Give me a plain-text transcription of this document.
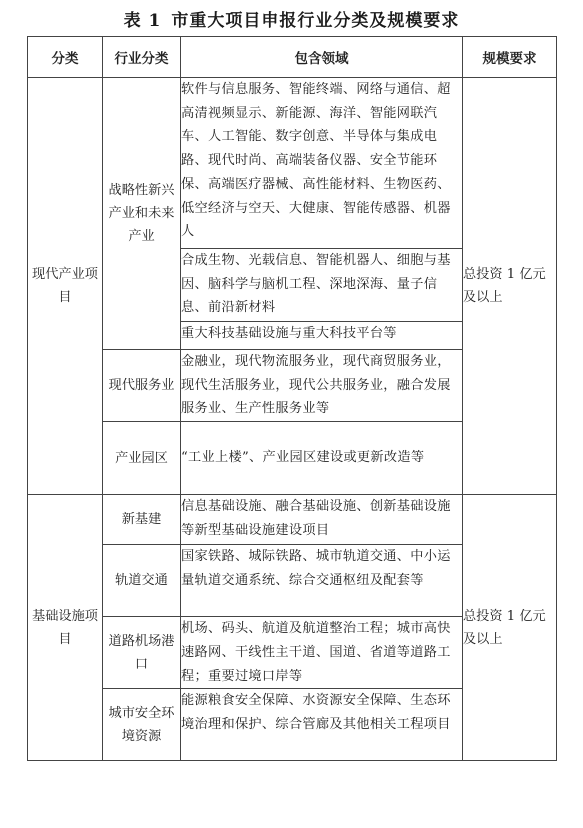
表 1 市重大项目申报行业分类及规模要求
分类	行业分类	包含领域	规模要求
现代产业项目	战略性新兴产业和未来产业	软件与信息服务、智能终端、网络与通信、超高清视频显示、新能源、海洋、智能网联汽车、人工智能、数字创意、半导体与集成电路、现代时尚、高端装备仪器、安全节能环保、高端医疗器械、高性能材料、生物医药、低空经济与空天、大健康、智能传感器、机器人	总投资 1 亿元及以上
		合成生物、光载信息、智能机器人、细胞与基因、脑科学与脑机工程、深地深海、量子信息、前沿新材料	
		重大科技基础设施与重大科技平台等	
	现代服务业	金融业，现代物流服务业，现代商贸服务业，现代生活服务业，现代公共服务业，融合发展服务业、生产性服务业等	
	产业园区	“工业上楼”、产业园区建设或更新改造等	
基础设施项目	新基建	信息基础设施、融合基础设施、创新基础设施等新型基础设施建设项目	总投资 1 亿元及以上
	轨道交通	国家铁路、城际铁路、城市轨道交通、中小运量轨道交通系统、综合交通枢纽及配套等	
	道路机场港口	机场、码头、航道及航道整治工程；城市高快速路网、干线性主干道、国道、省道等道路工程；重要过境口岸等	
	城市安全环境资源	能源粮食安全保障、水资源安全保障、生态环境治理和保护、综合管廊及其他相关工程项目	
